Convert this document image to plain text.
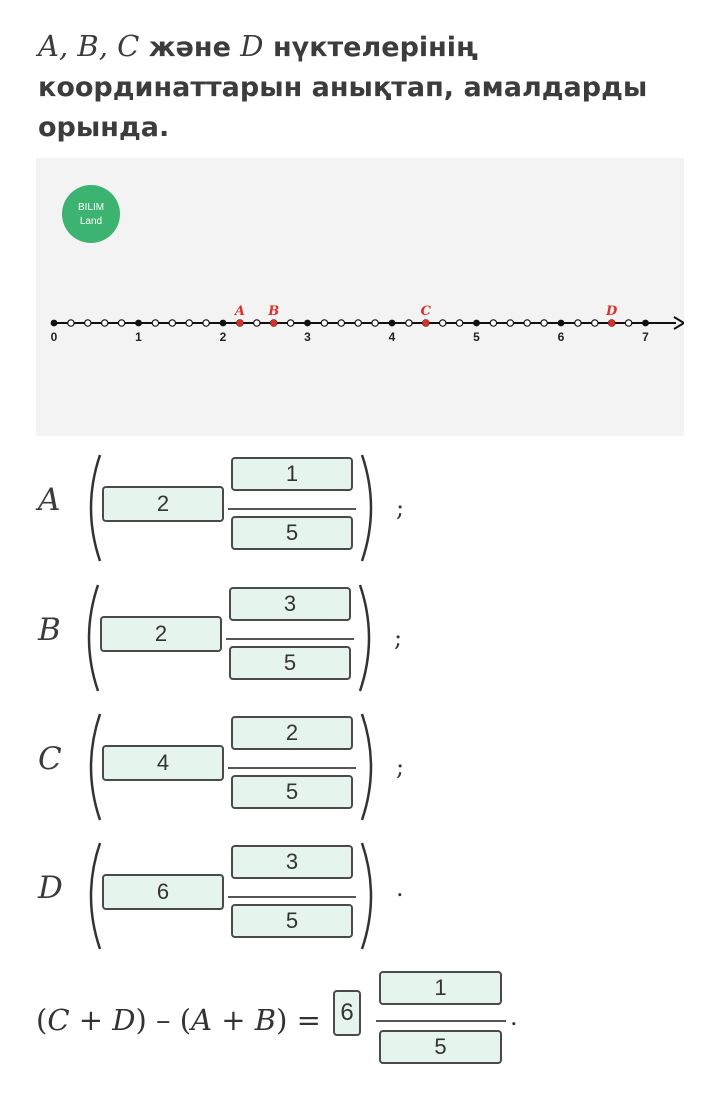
A, B, C және D нүктелерінің координаттарын анықтап, амалдарды орында.
BILIM
Land
0	1	2	3	4	5	6	7
A B	C	D
A	2
1
5
;
B	2
3
5
;
C	4
2
5
;
D	6
3
5
.
(C + D) – (A + B) = 6
1
5
.
